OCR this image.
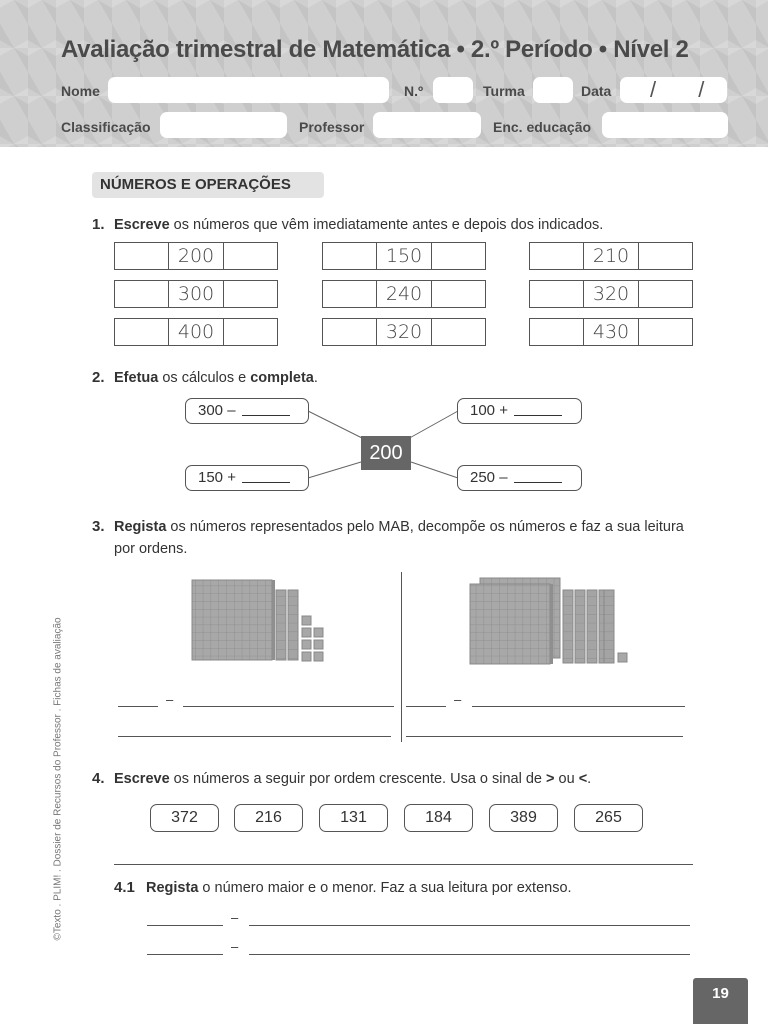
Avaliação trimestral de Matemática • 2.º Período • Nível 2
Nome	N.º	Turma	Data	/ /
Classificação	Professor	Enc. educação
NÚMEROS E OPERAÇÕES
1. Escreve os números que vêm imediatamente antes e depois dos indicados.
200	150	210
300	240	320
400	320	430
2. Efetua os cálculos e completa.
300 –	100 +
150 +	250 –
200
3. Regista os números representados pelo MAB, decompõe os números e faz a sua leitura por ordens.
–	–
4. Escreve os números a seguir por ordem crescente. Usa o sinal de > ou <.
372	216	131	184	389	265
4.1 Regista o número maior e o menor. Faz a sua leitura por extenso.
–
–
©Texto . PLIM! . Dossier de Recursos do Professor . Fichas de avaliação
19
